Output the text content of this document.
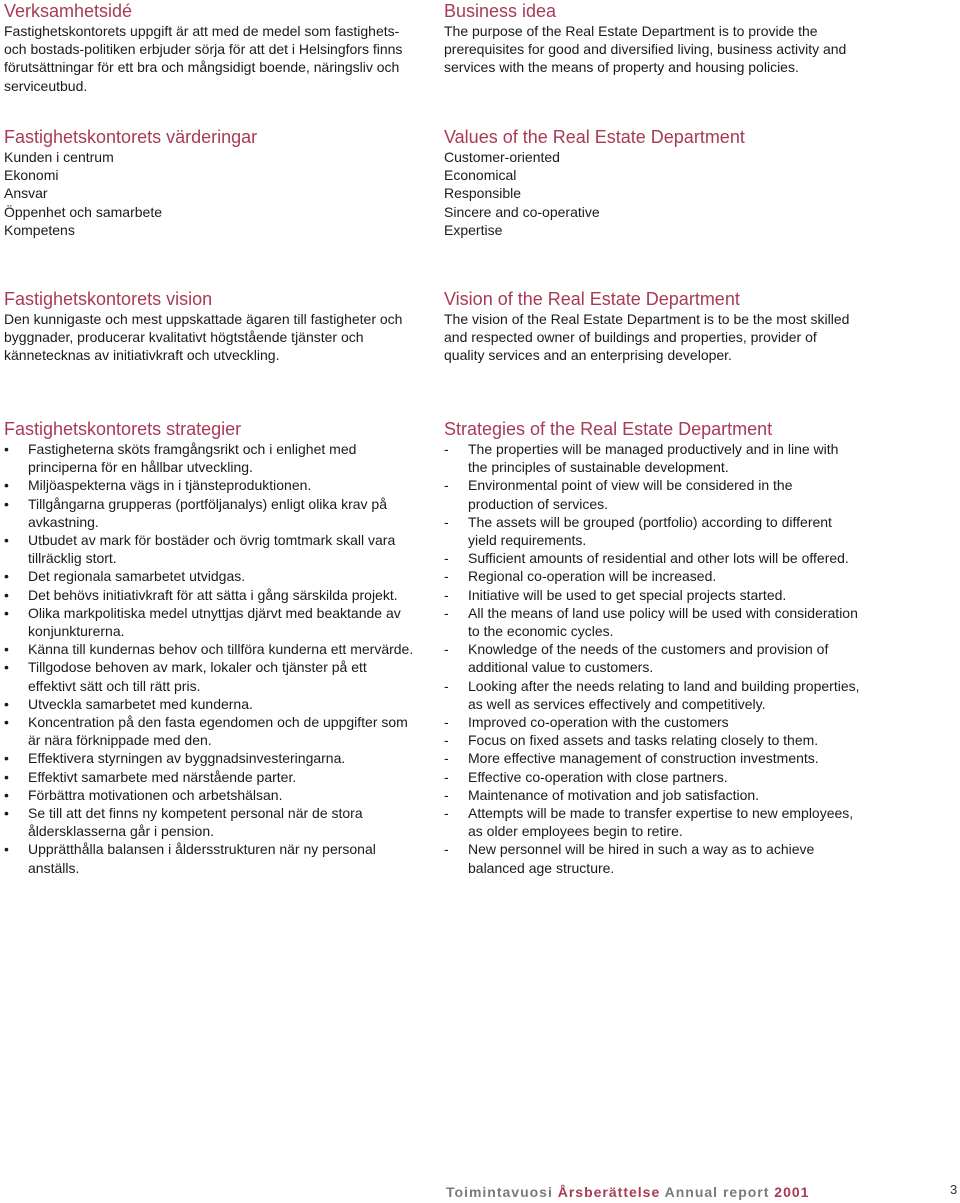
Verksamhetsidé

Fastighetskontorets uppgift är att med de medel som fastighets- och bostads-politiken erbjuder sörja för att det i Helsingfors finns förutsättningar för ett bra och mångsidigt boende, näringsliv och serviceutbud.

Business idea

The purpose of the Real Estate Department is to provide the prerequisites for good and diversified living, business activity and services with the means of property and housing policies.

Fastighetskontorets värderingar
Kunden i centrum
Ekonomi
Ansvar
Öppenhet och samarbete
Kompetens
Values of the Real Estate Department
Customer-oriented
Economical
Responsible
Sincere and co-operative
Expertise
Fastighetskontorets vision

Den kunnigaste och mest uppskattade ägaren till fastigheter och byggnader, producerar kvalitativt högtstående tjänster och kännetecknas av initiativkraft och utveckling.

Vision of the Real Estate Department

The vision of the Real Estate Department is to be the most skilled and respected owner of buildings and properties, provider of quality services and an enterprising developer.

Fastighetskontorets strategier
• Fastigheterna sköts framgångsrikt och i enlighet med principerna för en hållbar utveckling.
• Miljöaspekterna vägs in i tjänsteproduktionen.
• Tillgångarna grupperas (portföljanalys) enligt olika krav på avkastning.
• Utbudet av mark för bostäder och övrig tomtmark skall vara tillräcklig stort.
• Det regionala samarbetet utvidgas.
• Det behövs initiativkraft för att sätta i gång särskilda projekt.
• Olika markpolitiska medel utnyttjas djärvt med beaktande av konjunkturerna.
• Känna till kundernas behov och tillföra kunderna ett mervärde.
• Tillgodose behoven av mark, lokaler och tjänster på ett effektivt sätt och till rätt pris.
• Utveckla samarbetet med kunderna.
• Koncentration på den fasta egendomen och de uppgifter som är nära förknippade med den.
• Effektivera styrningen av byggnadsinvesteringarna.
• Effektivt samarbete med närstående parter.
• Förbättra motivationen och arbetshälsan.
• Se till att det finns ny kompetent personal när de stora åldersklasserna går i pension.
• Upprätthålla balansen i åldersstrukturen när ny personal anställs.
Strategies of the Real Estate Department
- The properties will be managed productively and in line with the principles of sustainable development.
- Environmental point of view will be considered in the production of services.
- The assets will be grouped (portfolio) according to different yield requirements.
- Sufficient amounts of residential and other lots will be offered.
- Regional co-operation will be increased.
- Initiative will be used to get special projects started.
- All the means of land use policy will be used with consideration to the economic cycles.
- Knowledge of the needs of the customers and provision of additional value to customers.
- Looking after the needs relating to land and building properties, as well as services effectively and competitively.
- Improved co-operation with the customers
- Focus on fixed assets and tasks relating closely to them.
- More effective management of construction investments.
- Effective co-operation with close partners.
- Maintenance of motivation and job satisfaction.
- Attempts will be made to transfer expertise to new employees, as older employees begin to retire.
- New personnel will be hired in such a way as to achieve balanced age structure.
Toimintavuosi Årsberättelse Annual report 2001	3
